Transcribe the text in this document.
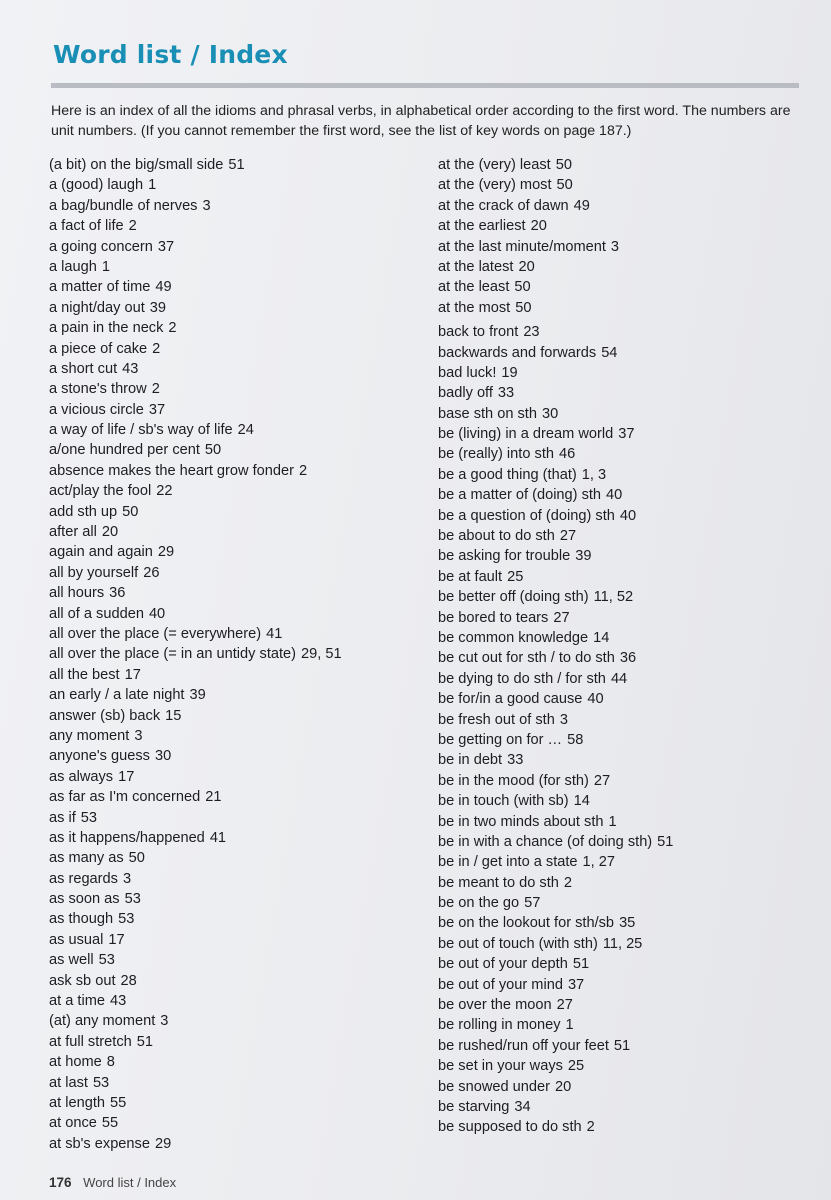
Word list / Index
Here is an index of all the idioms and phrasal verbs, in alphabetical order according to the first word. The numbers are unit numbers. (If you cannot remember the first word, see the list of key words on page 187.)
(a bit) on the big/small side 51
a (good) laugh 1
a bag/bundle of nerves 3
a fact of life 2
a going concern 37
a laugh 1
a matter of time 49
a night/day out 39
a pain in the neck 2
a piece of cake 2
a short cut 43
a stone's throw 2
a vicious circle 37
a way of life / sb's way of life 24
a/one hundred per cent 50
absence makes the heart grow fonder 2
act/play the fool 22
add sth up 50
after all 20
again and again 29
all by yourself 26
all hours 36
all of a sudden 40
all over the place (= everywhere) 41
all over the place (= in an untidy state) 29, 51
all the best 17
an early / a late night 39
answer (sb) back 15
any moment 3
anyone's guess 30
as always 17
as far as I'm concerned 21
as if 53
as it happens/happened 41
as many as 50
as regards 3
as soon as 53
as though 53
as usual 17
as well 53
ask sb out 28
at a time 43
(at) any moment 3
at full stretch 51
at home 8
at last 53
at length 55
at once 55
at sb's expense 29
at the (very) least 50
at the (very) most 50
at the crack of dawn 49
at the earliest 20
at the last minute/moment 3
at the latest 20
at the least 50
at the most 50
back to front 23
backwards and forwards 54
bad luck! 19
badly off 33
base sth on sth 30
be (living) in a dream world 37
be (really) into sth 46
be a good thing (that) 1, 3
be a matter of (doing) sth 40
be a question of (doing) sth 40
be about to do sth 27
be asking for trouble 39
be at fault 25
be better off (doing sth) 11, 52
be bored to tears 27
be common knowledge 14
be cut out for sth / to do sth 36
be dying to do sth / for sth 44
be for/in a good cause 40
be fresh out of sth 3
be getting on for … 58
be in debt 33
be in the mood (for sth) 27
be in touch (with sb) 14
be in two minds about sth 1
be in with a chance (of doing sth) 51
be in / get into a state 1, 27
be meant to do sth 2
be on the go 57
be on the lookout for sth/sb 35
be out of touch (with sth) 11, 25
be out of your depth 51
be out of your mind 37
be over the moon 27
be rolling in money 1
be rushed/run off your feet 51
be set in your ways 25
be snowed under 20
be starving 34
be supposed to do sth 2
176 Word list / Index
